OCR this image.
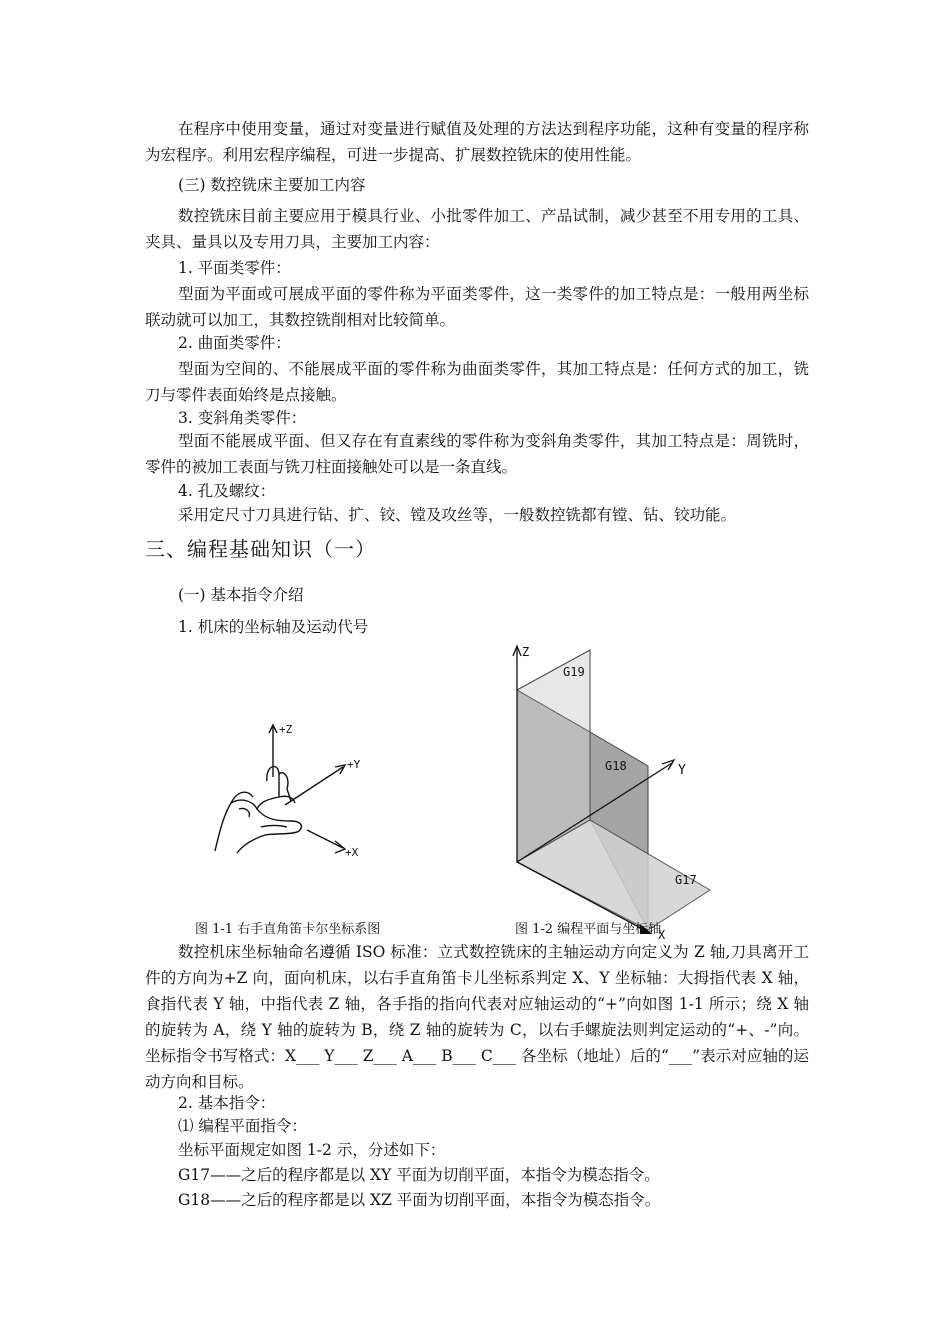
在程序中使用变量，通过对变量进行赋值及处理的方法达到程序功能，这种有变量的程序称为宏程序。利用宏程序编程，可进一步提高、扩展数控铣床的使用性能。

(三) 数控铣床主要加工内容

数控铣床目前主要应用于模具行业、小批零件加工、产品试制，减少甚至不用专用的工具、夹具、量具以及专用刀具，主要加工内容：

1. 平面类零件：

型面为平面或可展成平面的零件称为平面类零件，这一类零件的加工特点是：一般用两坐标联动就可以加工，其数控铣削相对比较简单。

2. 曲面类零件：

型面为空间的、不能展成平面的零件称为曲面类零件，其加工特点是：任何方式的加工，铣刀与零件表面始终是点接触。

3. 变斜角类零件：

型面不能展成平面、但又存在有直素线的零件称为变斜角类零件，其加工特点是：周铣时，零件的被加工表面与铣刀柱面接触处可以是一条直线。

4. 孔及螺纹：

采用定尺寸刀具进行钻、扩、铰、镗及攻丝等，一般数控铣都有镗、钻、铰功能。

三、编程基础知识（一）

(一) 基本指令介绍

1. 机床的坐标轴及运动代号

+Z
+Y
+X
Z
Y
X
G19
G18
G17
图 1-1 右手直角笛卡尔坐标系图	图 1-2 编程平面与坐标轴

数控机床坐标轴命名遵循 ISO 标准：立式数控铣床的主轴运动方向定义为 Z 轴,刀具离开工件的方向为+Z 向，面向机床，以右手直角笛卡儿坐标系判定 X、Y 坐标轴：大拇指代表 X 轴，食指代表 Y 轴，中指代表 Z 轴，各手指的指向代表对应轴运动的“+”向如图 1-1 所示；绕 X 轴的旋转为 A，绕 Y 轴的旋转为 B，绕 Z 轴的旋转为 C，以右手螺旋法则判定运动的“+、-”向。坐标指令书写格式：X___ Y___ Z___ A___ B___ C___ 各坐标（地址）后的“___”表示对应轴的运动方向和目标。

2. 基本指令：

⑴ 编程平面指令：

坐标平面规定如图 1-2 示，分述如下：

G17——之后的程序都是以 XY 平面为切削平面，本指令为模态指令。

G18——之后的程序都是以 XZ 平面为切削平面，本指令为模态指令。
